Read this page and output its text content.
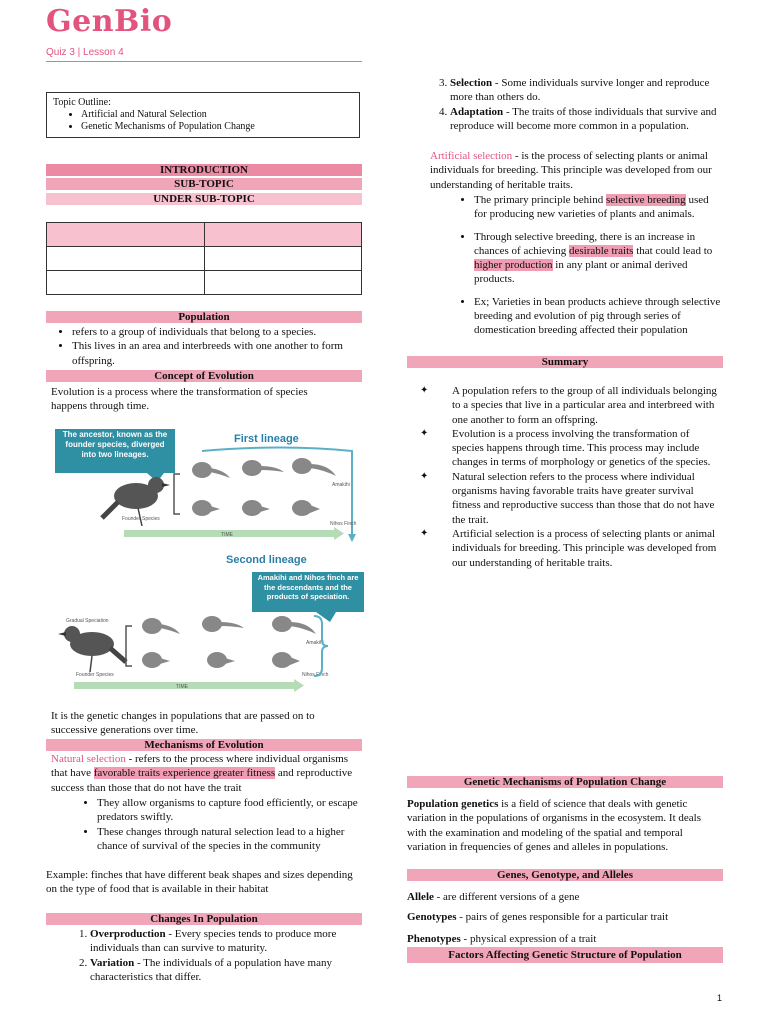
GenBio
Quiz 3 | Lesson 4
Topic Outline:
• Artificial and Natural Selection
• Genetic Mechanisms of Population Change
INTRODUCTION
SUB-TOPIC
UNDER SUB-TOPIC

Population
• refers to a group of individuals that belong to a species.
• This lives in an area and interbreeds with one another to form offspring.
Concept of Evolution
Evolution is a process where the transformation of species happens through time.
The ancestor, known as the founder species, diverged into two lineages.
First lineage
Founder Species
Amakihi
Nihos Finch
TIME
Second lineage
Amakihi and Nihos finch are the descendants and the products of speciation.
Gradual Speciation
Founder Species
Amakihi
Nihos Finch
TIME
It is the genetic changes in populations that are passed on to successive generations over time.
Mechanisms of Evolution
Natural selection - refers to the process where individual organisms that have favorable traits experience greater fitness and reproductive success than those that do not have the trait
• They allow organisms to capture food efficiently, or escape predators swiftly.
• These changes through natural selection lead to a higher chance of survival of the species in the community
Example: finches that have different beak shapes and sizes depending on the type of food that is available in their habitat
Changes In Population
1. Overproduction - Every species tends to produce more individuals than can survive to maturity.
2. Variation - The individuals of a population have many characteristics that differ.
3. Selection - Some individuals survive longer and reproduce more than others do.
4. Adaptation - The traits of those individuals that survive and reproduce will become more common in a population.
Artificial selection - is the process of selecting plants or animal individuals for breeding. This principle was developed from our understanding of heritable traits.
• The primary principle behind selective breeding used for producing new varieties of plants and animals.
• Through selective breeding, there is an increase in chances of achieving desirable traits that could lead to higher production in any plant or animal derived products.
• Ex; Varieties in bean products achieve through selective breeding and evolution of pig through series of domestication breeding affected their population
Summary
✦ A population refers to the group of all individuals belonging to a species that live in a particular area and interbreed with one another to form an offspring.
✦ Evolution is a process involving the transformation of species happens through time. This process may include changes in terms of morphology or genetics of the species.
✦ Natural selection refers to the process where individual organisms having favorable traits have greater survival fitness and reproductive success than those that do not have the trait.
✦ Artificial selection is a process of selecting plants or animal individuals for breeding. This principle was developed from our understanding of heritable traits.
Genetic Mechanisms of Population Change
Population genetics is a field of science that deals with genetic variation in the populations of organisms in the ecosystem. It deals with the examination and modeling of the spatial and temporal variation in frequencies of genes and alleles in populations.
Genes, Genotype, and Alleles
Allele - are different versions of a gene
Genotypes - pairs of genes responsible for a particular trait
Phenotypes - physical expression of a trait
Factors Affecting Genetic Structure of Population
1
